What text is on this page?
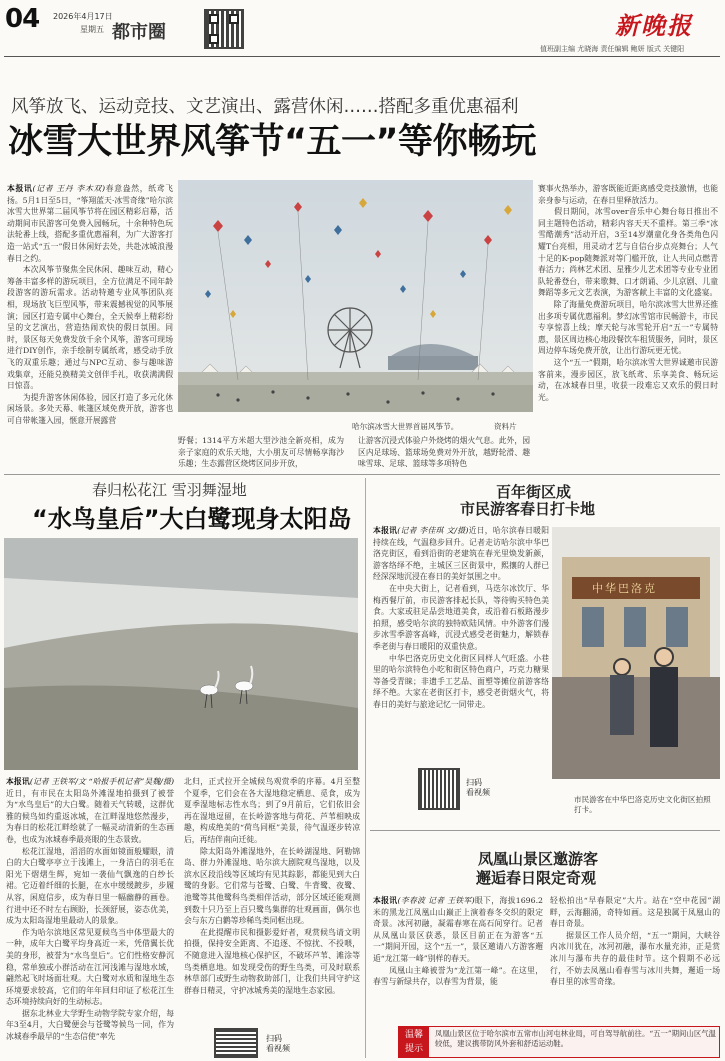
04 2026年4月17日
星期五 都市圈	新晚报
值班副主编 尤晓海 责任编辑 鲍妍 版式 关键阳
风筝放飞、运动竞技、文艺演出、露营休闲……搭配多重优惠福利
冰雪大世界风筝节“五一”等你畅玩
本报讯(记者 王丹 李木双)春意盎然，纸鸢飞扬。5月1日至5日，“筝翔蓝天·冰雪奇缘”哈尔滨冰雪大世界第二届风筝节将在园区精彩启幕，活动期间市民游客可免费入园畅玩，十余种特色玩法轮番上线，搭配多重优惠福利，为广大游客打造一站式“五一”假日休闲好去处，共赴冰城浪漫春日之约。
　　本次风筝节聚焦全民休闲、趣味互动，精心筹备丰富多样的游玩项目，全方位满足不同年龄段游客的游玩需求。活动特邀专业风筝团队亮相，现场放飞巨型风筝，带来震撼视觉的风筝展演；园区打造专属中心舞台，全天候奉上精彩纷呈的文艺演出，营造热闹欢快的假日氛围。同时，景区每天免费发放千余个风筝，游客可现场进行DIY创作，亲手绘制专属纸鸢，感受动手放飞的双重乐趣；通过与NPC互动、参与趣味游戏集章，还能兑换精美文创伴手礼，收获满满假日惊喜。
　　为提升游客休闲体验，园区打造了多元化休闲场景。多处天幕、帐篷区域免费开放，游客也可自带帐篷入园，惬意开展露营
哈尔滨冰雪大世界首届风筝节。	资料片
野餐；1314平方米超大型沙池全新亮相，成为亲子家庭的欢乐天地，大小朋友可尽情畅享海沙乐趣；生态露营区烧烤区同步开放，
让游客沉浸式体验户外烧烤的烟火气息。此外，园区内足球场、篮球场免费对外开放，越野轮滑、趣味雪球、足球、篮球等多项特色
赛事火热举办，游客既能近距离感受竞技激情，也能亲身参与运动，在春日里释放活力。
　　假日期间，冰雪over音乐中心舞台每日推出不同主题特色活动，精彩内容天天不重样。第三季“冰雪酷潮秀”活动开启，3至14岁潮童化身各类角色闪耀T台亮相，用灵动才艺与自信台步点亮舞台；人气十足的K-pop随舞派对等门槛开放，让人共同点燃青春活力；尚林艺术团、星雅少儿艺术团等专业专业团队轮番登台，带来歌舞、口才朗诵、少儿京剧、儿童舞蹈等多元文艺表演，为游客献上丰富的文化盛宴。
　　除了海量免费游玩项目，哈尔滨冰雪大世界还推出多项专属优惠福利。梦幻冰雪馆市民畅游卡，市民专享惊喜上线；摩天轮与冰雪轮开启“五一”专属特惠，景区周边核心地段餐饮车租赁服务，同时，景区周边停车场免费开放，让出行游玩更无忧。
　　这个“五一”假期，哈尔滨冰雪大世界诚邀市民游客前来，漫步园区，放飞纸鸢、乐享美食、畅玩运动，在冰城春日里，收获一段难忘又欢乐的假日时光。
春归松花江 雪羽舞湿地
“水鸟皇后”大白鹭现身太阳岛
本报讯(记者 王铁军/文 “哈报手机记者”吴魏/摄)近日，有市民在太阳岛外滩湿地拍摄到了被誉为“水鸟皇后”的大白鹭。随着天气转暖，这群优雅的候鸟如约重返冰城，在江畔湿地悠然漫步，为春日的松花江畔绘就了一幅灵动清新的生态画卷，也成为冰城春季最亮眼的生态景致。
　　松花江湿地，滔滔的水面如镜面般耀眼，清白的大白鹭亭亭立于浅滩上，一身洁白的羽毛在阳光下熠熠生辉，宛如一袭仙气飘逸的白纱长裙。它迈着纤细的长腿，在水中缓缓踱步，步履从容，闲庭信步，成为春日里一幅幽静的画卷。行进中还不时左右顾盼，长颈舒展，姿态优美，成为太阳岛湿地里最动人的景象。
　　作为哈尔滨地区常见夏候鸟当中体型最大的一种，成年大白鹭平均身高近一米，凭借翼长优美的身形，被誉为“水鸟皇后”。它们性格安静沉稳，常单独或小群活动在江河浅滩与湿地水域，翩然起飞时场面壮观。大白鹭对水质和湿地生态环境要求较高，它们的年年回归印证了松花江生态环境持续向好的生动标志。
　　据东北林业大学野生动物学院专家介绍，每年3至4月，大白鹭便会与苍鹭等候鸟一同，作为冰城春季最早的“生态信使”率先
北归，正式拉开全城候鸟观赏季的序幕。4月至整个夏季，它们会在各大湿地稳定栖息、觅食，成为夏季湿地标志性水鸟；到了9月前后，它们依旧会再在湿地逗留，在长岭游客地与荷花、芦苇相映成趣，构成绝美的“荷鸟同框”美景，待气温逐步转凉后，再结伴南向迁徙。
　　除太阳岛外滩湿地外，在长岭湖湿地、阿勒锦岛、群力外滩湿地、哈尔滨大剧院观鸟湿地，以及滨水区段沿线等区域均有见其踪影，都能见到大白鹭的身影。它们常与苍鹭、白鹭、牛背鹭、夜鹭、池鹭等其他鹭科鸟类相伴活动，部分区域还能观测到数十只乃至上百只鹭鸟集群的壮观画面，偶尔也会与东方白鹳等珍稀鸟类同框出现。
　　在此提醒市民和摄影爱好者，观赏候鸟请文明拍摄，保持安全距离、不追逐、不惊扰、不投喂，不随意进入湿地核心保护区，不破坏芦苇、滩涂等鸟类栖息地。如发现受伤的野生鸟类，可及时联系林草部门或野生动物救助部门，让我们共同守护这群春日精灵，守护冰城秀美的湿地生态家园。
扫码
看视频
百年街区成
市民游客春日打卡地
本报讯(记者 李佳琪 文/摄)近日，哈尔滨春日暖阳持续在线，气温稳步回升。记者走访哈尔滨中华巴洛克街区，看到沿街的老建筑在春光里焕发新颜，游客络绎不绝，主城区三区街景中，熙攘的人群已经深深地沉浸在春日的美好氛围之中。
　　在中央大街上，记者看到，马迭尔冰饮厅、华梅西餐厅前，市民游客排起长队，等待购买特色美食。大家或驻足品尝地道美食，或沿着石板路漫步拍照，感受哈尔滨的独特欧陆风情。中外游客们漫步冰雪季游客高峰，沉浸式感受老街魅力，解锁春季老街与春日暖阳的双重快意。
　　中华巴洛克历史文化街区同样人气旺盛。小巷里的哈尔滨特色小吃和街区特色商户，巧克力糖果等备受青睐；非遗手工艺品、面塑等摊位前游客络绎不绝。大家在老街区打卡，感受老街烟火气，将春日的美好与旅途记忆一同带走。
中华巴洛克
市民游客在中华巴洛克历史文化街区拍照打卡。
扫码
看视频
凤凰山景区邀游客
邂逅春日限定奇观
本报讯(李春波 记者 王铁军)眼下，海拔1696.2米的黑龙江凤凰山山巅正上演着春冬交织的限定奇景。冰河初融，凝霜春寒在高石间穿行。记者从凤凰山景区获悉，景区目前正在为游客“五一”期间开园，这个“五一”，景区邀请八方游客邂逅“龙江第一峰”别样的春天。
　　凤凰山主峰被誉为“龙江第一峰”。在这里，春雪与新绿共存，以春雪为背景，能
轻松拍出“早春限定”大片。站在“空中花园”湖畔，云海翻涌，奇特如画。这是独属于凤凰山的春日奇景。
　　据景区工作人员介绍，“五一”期间，大峡谷内冰川犹在，冰河初融，瀑布水量充沛，正是赏冰川与瀑布共存的最佳时节。这个假期不必远行，不妨去凤凰山看春雪与冰川共舞，邂逅一场春日里的冰雪奇缘。
温馨
提示
凤凰山景区位于哈尔滨市五常市山河屯林业局，可自驾导航前往。“五一”期间山区气温较低，建议携带防风外套和舒适运动鞋。
